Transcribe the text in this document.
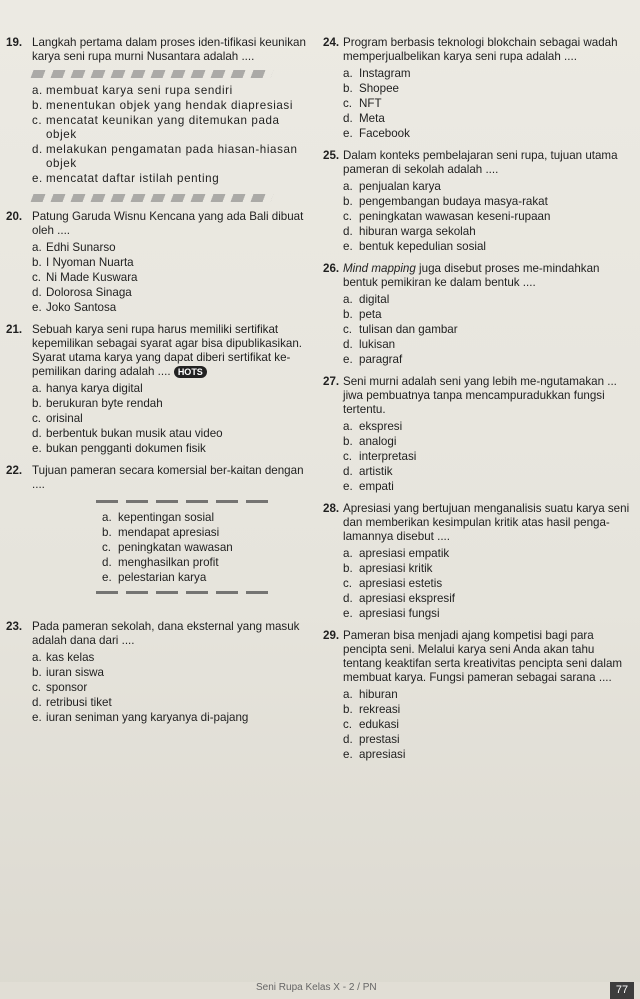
19. Langkah pertama dalam proses iden-tifikasi keunikan karya seni rupa murni Nusantara adalah ....
a. membuat karya seni rupa sendiri
b. menentukan objek yang hendak diapresiasi
c. mencatat keunikan yang ditemukan pada objek
d. melakukan pengamatan pada hiasan-hiasan objek
e. mencatat daftar istilah penting
20. Patung Garuda Wisnu Kencana yang ada Bali dibuat oleh ....
a. Edhi Sunarso
b. I Nyoman Nuarta
c. Ni Made Kuswara
d. Dolorosa Sinaga
e. Joko Santosa
21. Sebuah karya seni rupa harus memiliki sertifikat kepemilikan sebagai syarat agar bisa dipublikasikan. Syarat utama karya yang dapat diberi sertifikat ke-pemilikan daring adalah .... HOTS
a. hanya karya digital
b. berukuran byte rendah
c. orisinal
d. berbentuk bukan musik atau video
e. bukan pengganti dokumen fisik
22. Tujuan pameran secara komersial ber-kaitan dengan ....
a. kepentingan sosial
b. mendapat apresiasi
c. peningkatan wawasan
d. menghasilkan profit
e. pelestarian karya
23. Pada pameran sekolah, dana eksternal yang masuk adalah dana dari ....
a. kas kelas
b. iuran siswa
c. sponsor
d. retribusi tiket
e. iuran seniman yang karyanya di-pajang
24. Program berbasis teknologi blokchain sebagai wadah memperjualbelikan karya seni rupa adalah ....
a. Instagram
b. Shopee
c. NFT
d. Meta
e. Facebook
25. Dalam konteks pembelajaran seni rupa, tujuan utama pameran di sekolah adalah ....
a. penjualan karya
b. pengembangan budaya masya-rakat
c. peningkatan wawasan keseni-rupaan
d. hiburan warga sekolah
e. bentuk kepedulian sosial
26. Mind mapping juga disebut proses me-mindahkan bentuk pemikiran ke dalam bentuk ....
a. digital
b. peta
c. tulisan dan gambar
d. lukisan
e. paragraf
27. Seni murni adalah seni yang lebih me-ngutamakan ... jiwa pembuatnya tanpa mencampuradukkan fungsi tertentu.
a. ekspresi
b. analogi
c. interpretasi
d. artistik
e. empati
28. Apresiasi yang bertujuan menganalisis suatu karya seni dan memberikan kesimpulan kritik atas hasil penga-lamannya disebut ....
a. apresiasi empatik
b. apresiasi kritik
c. apresiasi estetis
d. apresiasi ekspresif
e. apresiasi fungsi
29. Pameran bisa menjadi ajang kompetisi bagi para pencipta seni. Melalui karya seni Anda akan tahu tentang keaktifan serta kreativitas pencipta seni dalam membuat karya. Fungsi pameran sebagai sarana ....
a. hiburan
b. rekreasi
c. edukasi
d. prestasi
e. apresiasi
Seni Rupa Kelas X - 2 / PN	77
